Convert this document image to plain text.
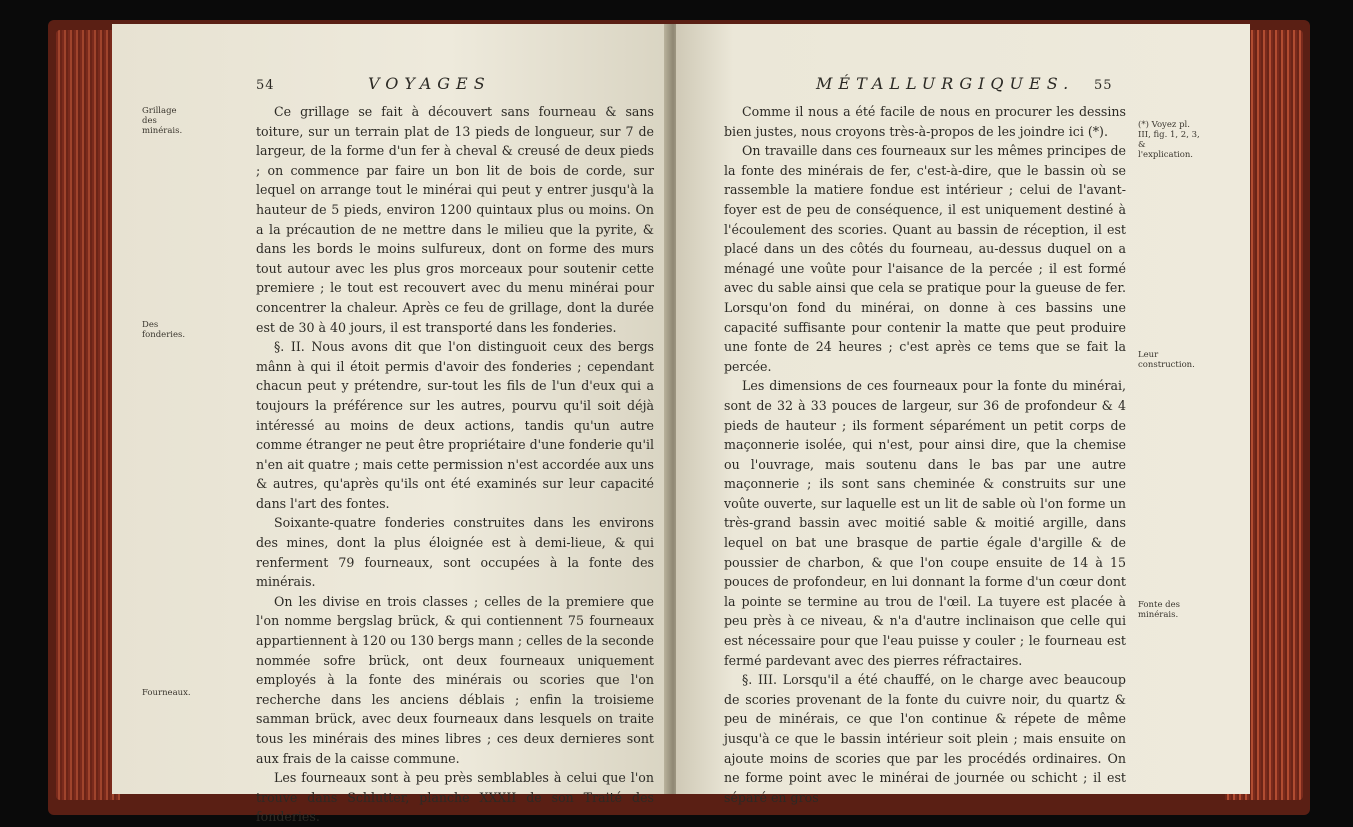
54	VOYAGES
Grillage des minérais.
Des fonderies.
Fourneaux.

Ce grillage se fait à découvert sans fourneau & sans toiture, sur un terrain plat de 13 pieds de longueur, sur 7 de largeur, de la forme d'un fer à cheval & creusé de deux pieds ; on commence par faire un bon lit de bois de corde, sur lequel on arrange tout le minérai qui peut y entrer jusqu'à la hauteur de 5 pieds, environ 1200 quintaux plus ou moins. On a la précaution de ne mettre dans le milieu que la pyrite, & dans les bords le moins sulfureux, dont on forme des murs tout autour avec les plus gros morceaux pour soutenir cette premiere ; le tout est recouvert avec du menu minérai pour concentrer la chaleur. Après ce feu de grillage, dont la durée est de 30 à 40 jours, il est transporté dans les fonderies.

§. II. Nous avons dit que l'on distinguoit ceux des bergs mânn à qui il étoit permis d'avoir des fonderies ; cependant chacun peut y prétendre, sur-tout les fils de l'un d'eux qui a toujours la préférence sur les autres, pourvu qu'il soit déjà intéressé au moins de deux actions, tandis qu'un autre comme étranger ne peut être propriétaire d'une fonderie qu'il n'en ait quatre ; mais cette permission n'est accordée aux uns & autres, qu'après qu'ils ont été examinés sur leur capacité dans l'art des fontes.

Soixante-quatre fonderies construites dans les environs des mines, dont la plus éloignée est à demi-lieue, & qui renferment 79 fourneaux, sont occupées à la fonte des minérais.

On les divise en trois classes ; celles de la premiere que l'on nomme bergslag brück, & qui contiennent 75 fourneaux appartiennent à 120 ou 130 bergs mann ; celles de la seconde nommée sofre brück, ont deux fourneaux uniquement employés à la fonte des minérais ou scories que l'on recherche dans les anciens déblais ; enfin la troisieme samman brück, avec deux fourneaux dans lesquels on traite tous les minérais des mines libres ; ces deux dernieres sont aux frais de la caisse commune.

Les fourneaux sont à peu près semblables à celui que l'on trouve dans Schlutter, planche XXXII de son Traité des fonderies.

MÉTALLURGIQUES. 55

Comme il nous a été facile de nous en procurer les dessins bien justes, nous croyons très-à-propos de les joindre ici (*).

On travaille dans ces fourneaux sur les mêmes principes de la fonte des minérais de fer, c'est-à-dire, que le bassin où se rassemble la matiere fondue est intérieur ; celui de l'avant-foyer est de peu de conséquence, il est uniquement destiné à l'écoulement des scories. Quant au bassin de réception, il est placé dans un des côtés du fourneau, au-dessus duquel on a ménagé une voûte pour l'aisance de la percée ; il est formé avec du sable ainsi que cela se pratique pour la gueuse de fer. Lorsqu'on fond du minérai, on donne à ces bassins une capacité suffisante pour contenir la matte que peut produire une fonte de 24 heures ; c'est après ce tems que se fait la percée.

Les dimensions de ces fourneaux pour la fonte du minérai, sont de 32 à 33 pouces de largeur, sur 36 de profondeur & 4 pieds de hauteur ; ils forment séparément un petit corps de maçonnerie isolée, qui n'est, pour ainsi dire, que la chemise ou l'ouvrage, mais soutenu dans le bas par une autre maçonnerie ; ils sont sans cheminée & construits sur une voûte ouverte, sur laquelle est un lit de sable où l'on forme un très-grand bassin avec moitié sable & moitié argille, dans lequel on bat une brasque de partie égale d'argille & de poussier de charbon, & que l'on coupe ensuite de 14 à 15 pouces de profondeur, en lui donnant la forme d'un cœur dont la pointe se termine au trou de l'œil. La tuyere est placée à peu près à ce niveau, & n'a d'autre inclinaison que celle qui est nécessaire pour que l'eau puisse y couler ; le fourneau est fermé pardevant avec des pierres réfractaires.

§. III. Lorsqu'il a été chauffé, on le charge avec beaucoup de scories provenant de la fonte du cuivre noir, du quartz & peu de minérais, ce que l'on continue & répete de même jusqu'à ce que le bassin intérieur soit plein ; mais ensuite on ajoute moins de scories que par les procédés ordinaires. On ne forme point avec le minérai de journée ou schicht ; il est séparé en gros

(*) Voyez pl. III, fig. 1, 2, 3, & l'explication.
Leur construction.
Fonte des minérais.
